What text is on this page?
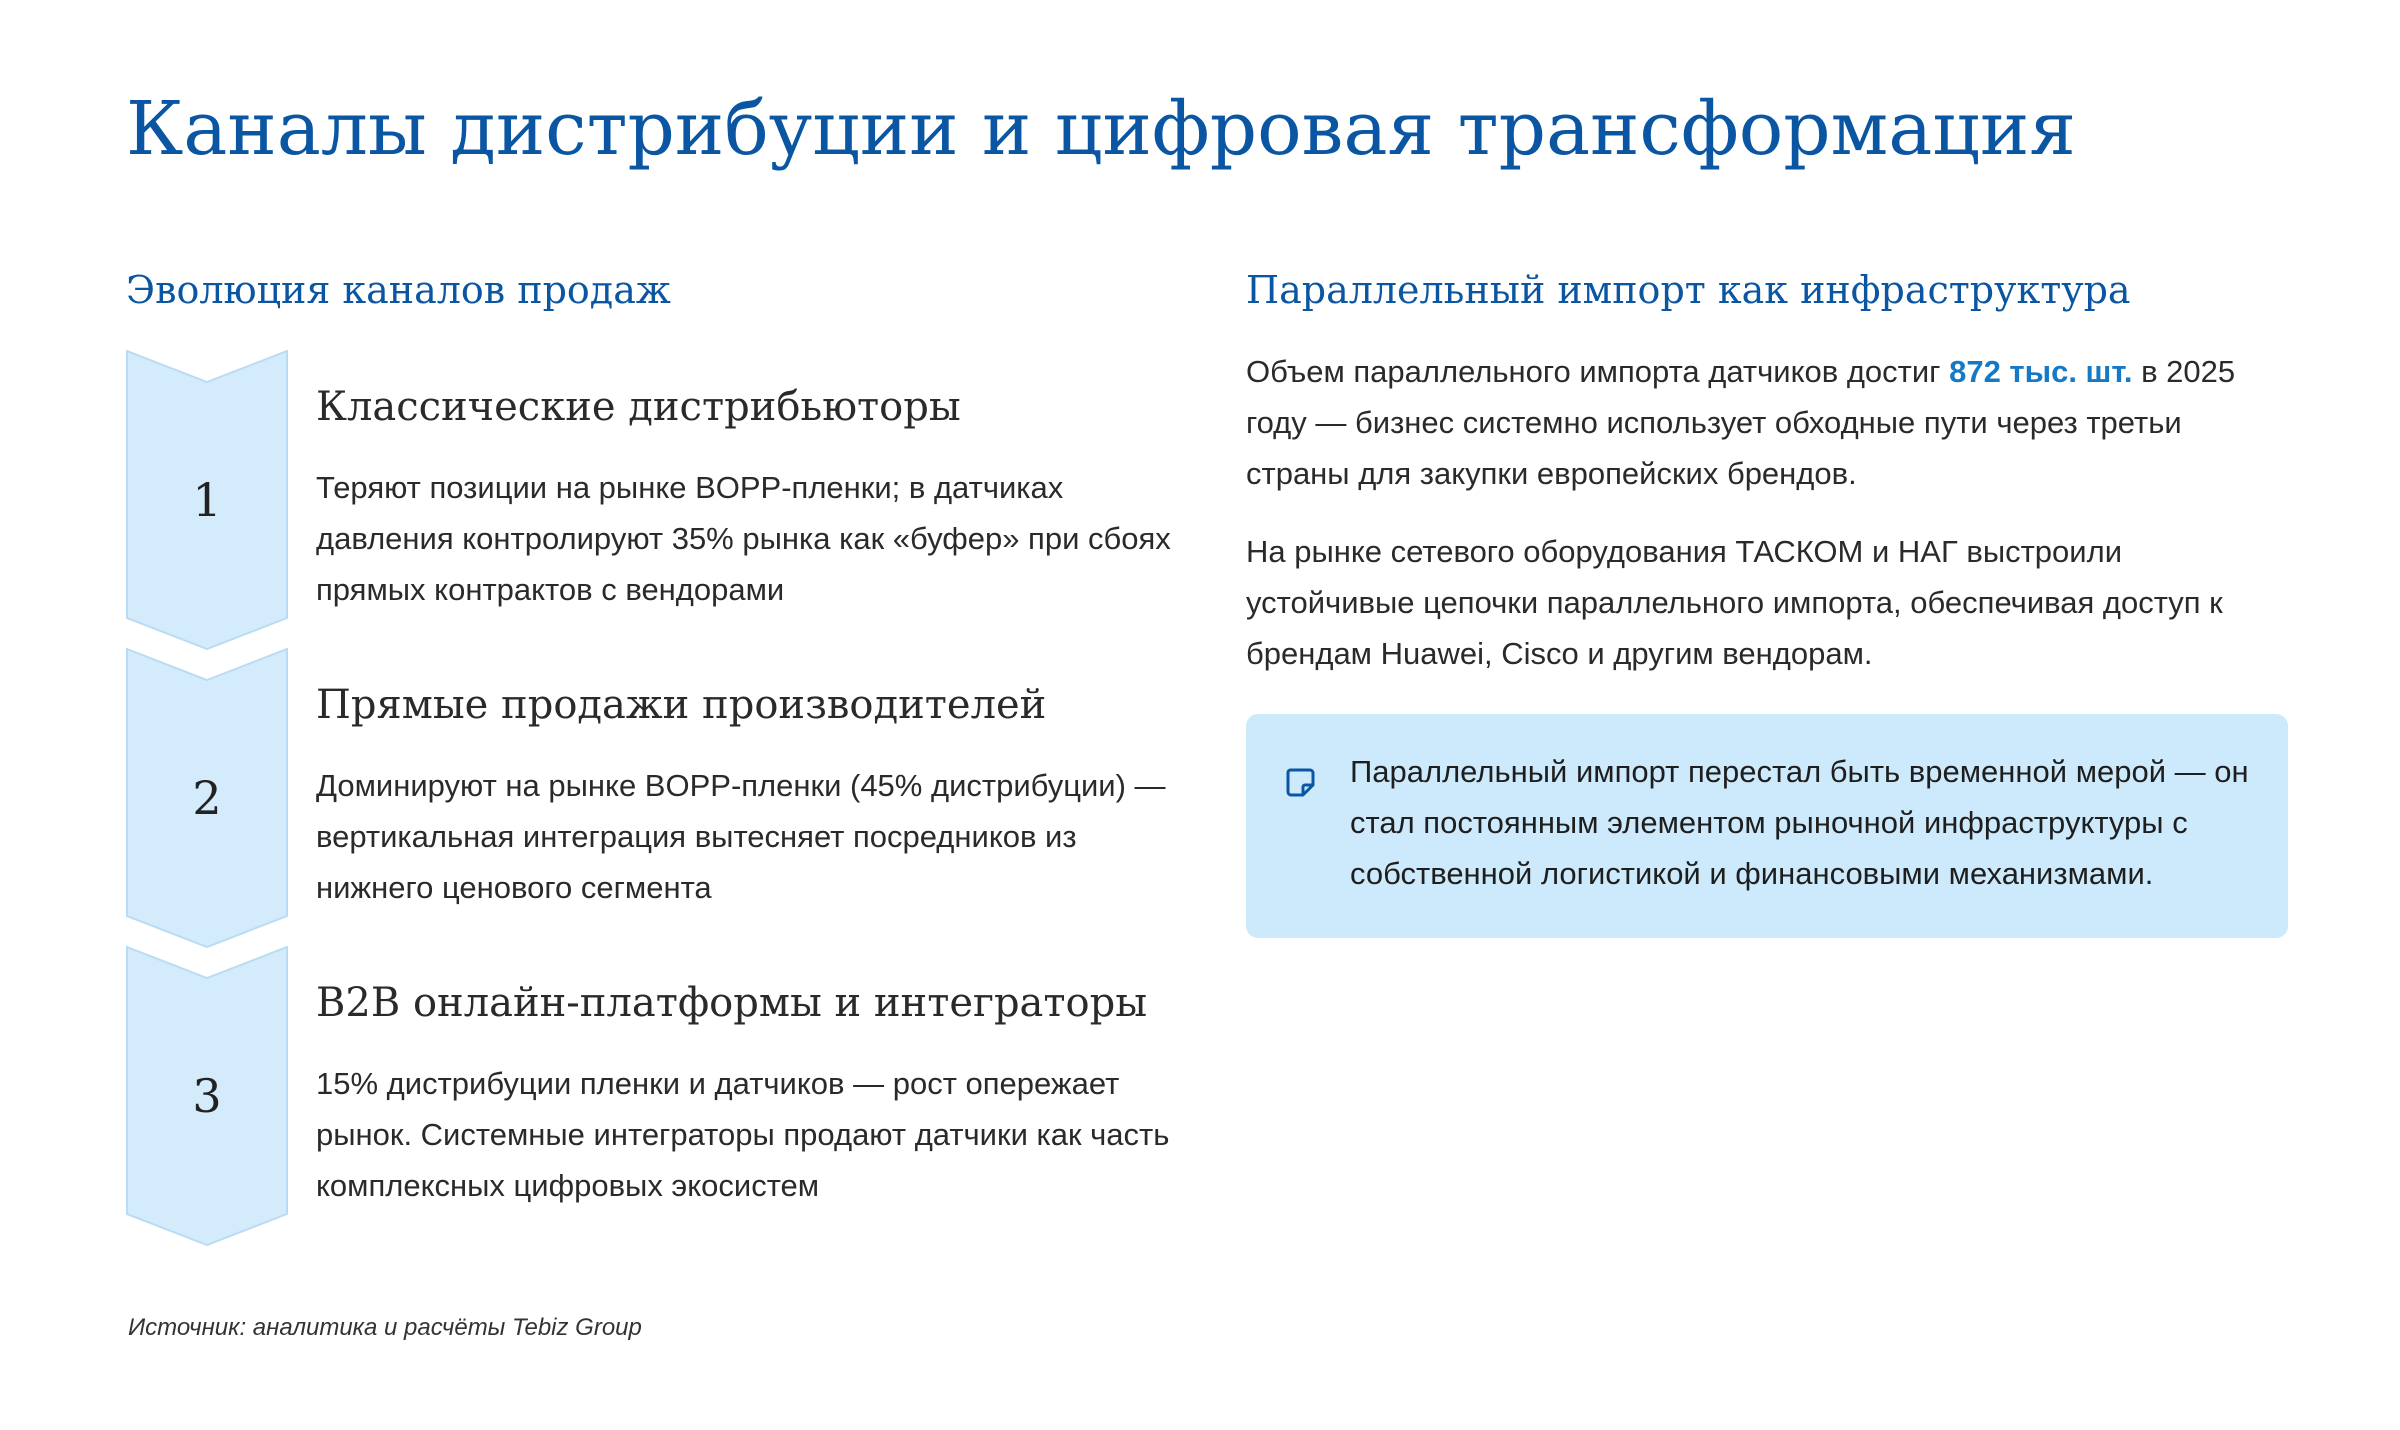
Каналы дистрибуции и цифровая трансформация
Эволюция каналов продаж
1
Классические дистрибьюторы

Теряют позиции на рынке BOPP-пленки; в датчиках давления контролируют 35% рынка как «буфер» при сбоях прямых контрактов с вендорами

2
Прямые продажи производителей

Доминируют на рынке BOPP-пленки (45% дистрибуции) — вертикальная интеграция вытесняет посредников из нижнего ценового сегмента

3
B2B онлайн-платформы и интеграторы

15% дистрибуции пленки и датчиков — рост опережает рынок. Системные интеграторы продают датчики как часть комплексных цифровых экосистем

Параллельный импорт как инфраструктура

Объем параллельного импорта датчиков достиг 872 тыс. шт. в 2025 году — бизнес системно использует обходные пути через третьи страны для закупки европейских брендов.

На рынке сетевого оборудования ТАСКОМ и НАГ выстроили устойчивые цепочки параллельного импорта, обеспечивая доступ к брендам Huawei, Cisco и другим вендорам.

Параллельный импорт перестал быть временной мерой — он стал постоянным элементом рыночной инфраструктуры с собственной логистикой и финансовыми механизмами.

Источник: аналитика и расчёты Tebiz Group
